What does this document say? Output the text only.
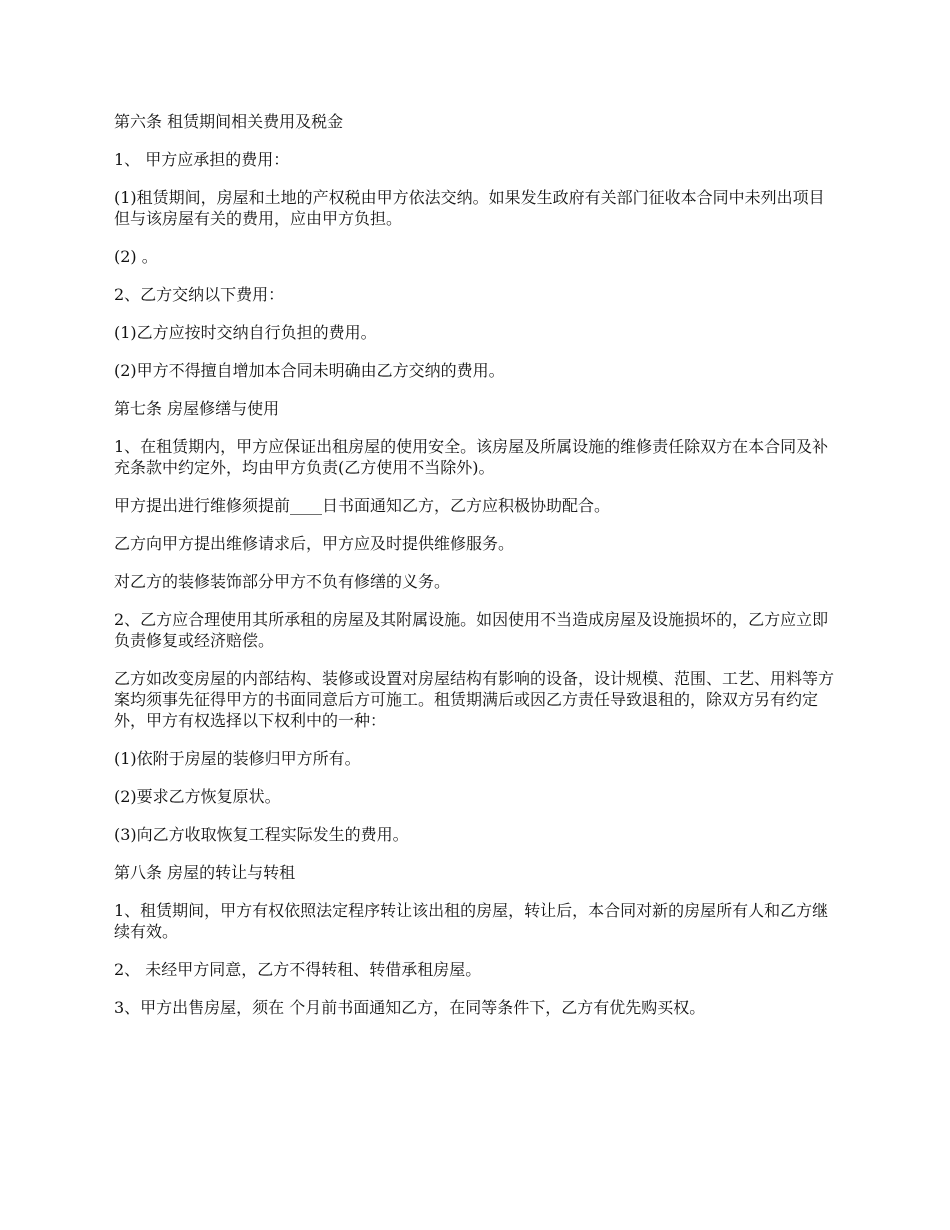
第六条 租赁期间相关费用及税金

1、 甲方应承担的费用：

(1)租赁期间，房屋和土地的产权税由甲方依法交纳。如果发生政府有关部门征收本合同中未列出项目但与该房屋有关的费用，应由甲方负担。

(2) 。

2、乙方交纳以下费用：

(1)乙方应按时交纳自行负担的费用。

(2)甲方不得擅自增加本合同未明确由乙方交纳的费用。

第七条 房屋修缮与使用

1、在租赁期内，甲方应保证出租房屋的使用安全。该房屋及所属设施的维修责任除双方在本合同及补充条款中约定外，均由甲方负责(乙方使用不当除外)。

甲方提出进行维修须提前____日书面通知乙方，乙方应积极协助配合。

乙方向甲方提出维修请求后，甲方应及时提供维修服务。

对乙方的装修装饰部分甲方不负有修缮的义务。

2、乙方应合理使用其所承租的房屋及其附属设施。如因使用不当造成房屋及设施损坏的，乙方应立即负责修复或经济赔偿。

乙方如改变房屋的内部结构、装修或设置对房屋结构有影响的设备，设计规模、范围、工艺、用料等方案均须事先征得甲方的书面同意后方可施工。租赁期满后或因乙方责任导致退租的，除双方另有约定外，甲方有权选择以下权利中的一种：

(1)依附于房屋的装修归甲方所有。

(2)要求乙方恢复原状。

(3)向乙方收取恢复工程实际发生的费用。

第八条 房屋的转让与转租

1、租赁期间，甲方有权依照法定程序转让该出租的房屋，转让后，本合同对新的房屋所有人和乙方继续有效。

2、 未经甲方同意，乙方不得转租、转借承租房屋。

3、甲方出售房屋，须在 个月前书面通知乙方，在同等条件下，乙方有优先购买权。
